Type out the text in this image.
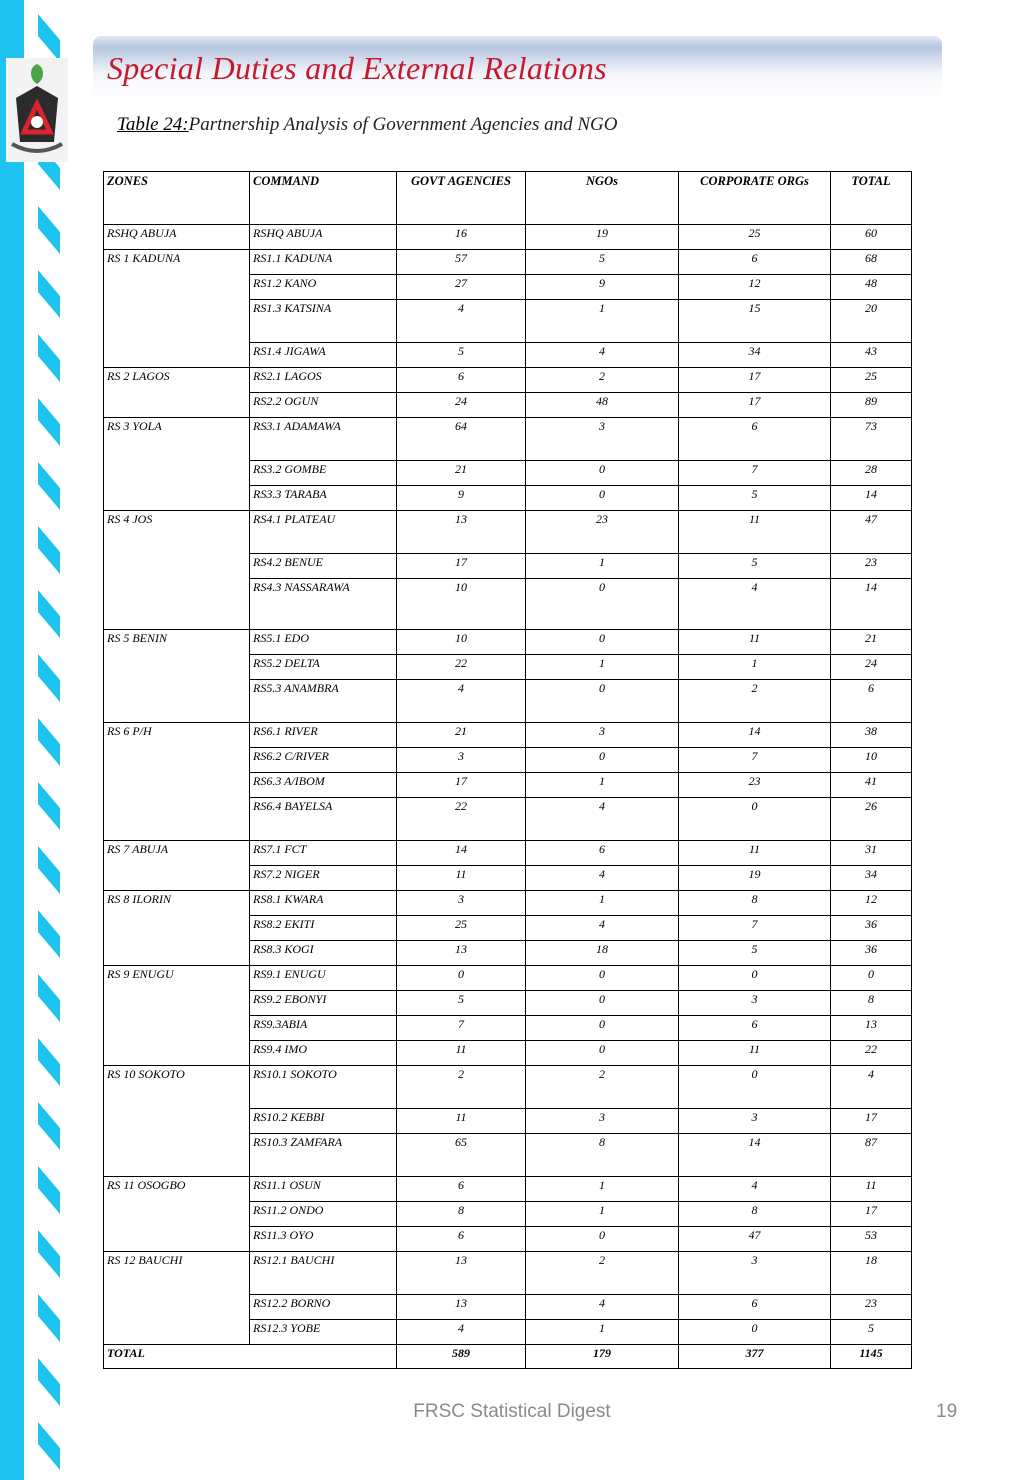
Special Duties and External Relations
Table 24:Partnership Analysis of Government Agencies and NGO
ZONES	COMMAND	GOVT AGENCIES	NGOs	CORPORATE ORGs	TOTAL
RSHQ ABUJA	RSHQ ABUJA	16	19	25	60
RS 1 KADUNA	RS1.1 KADUNA	57	5	6	68
	RS1.2 KANO	27	9	12	48
	RS1.3 KATSINA	4	1	15	20
	RS1.4 JIGAWA	5	4	34	43
RS 2 LAGOS	RS2.1 LAGOS	6	2	17	25
	RS2.2 OGUN	24	48	17	89
RS 3 YOLA	RS3.1 ADAMAWA	64	3	6	73
	RS3.2 GOMBE	21	0	7	28
	RS3.3 TARABA	9	0	5	14
RS 4 JOS	RS4.1 PLATEAU	13	23	11	47
	RS4.2 BENUE	17	1	5	23
	RS4.3 NASSARAWA	10	0	4	14
RS 5 BENIN	RS5.1 EDO	10	0	11	21
	RS5.2 DELTA	22	1	1	24
	RS5.3 ANAMBRA	4	0	2	6
RS 6 P/H	RS6.1 RIVER	21	3	14	38
	RS6.2 C/RIVER	3	0	7	10
	RS6.3 A/IBOM	17	1	23	41
	RS6.4 BAYELSA	22	4	0	26
RS 7 ABUJA	RS7.1 FCT	14	6	11	31
	RS7.2 NIGER	11	4	19	34
RS 8 ILORIN	RS8.1 KWARA	3	1	8	12
	RS8.2 EKITI	25	4	7	36
	RS8.3 KOGI	13	18	5	36
RS 9 ENUGU	RS9.1 ENUGU	0	0	0	0
	RS9.2 EBONYI	5	0	3	8
	RS9.3ABIA	7	0	6	13
	RS9.4 IMO	11	0	11	22
RS 10 SOKOTO	RS10.1 SOKOTO	2	2	0	4
	RS10.2 KEBBI	11	3	3	17
	RS10.3 ZAMFARA	65	8	14	87
RS 11 OSOGBO	RS11.1 OSUN	6	1	4	11
	RS11.2 ONDO	8	1	8	17
	RS11.3 OYO	6	0	47	53
RS 12 BAUCHI	RS12.1 BAUCHI	13	2	3	18
	RS12.2 BORNO	13	4	6	23
	RS12.3 YOBE	4	1	0	5
TOTAL		589	179	377	1145
FRSC Statistical Digest	19
